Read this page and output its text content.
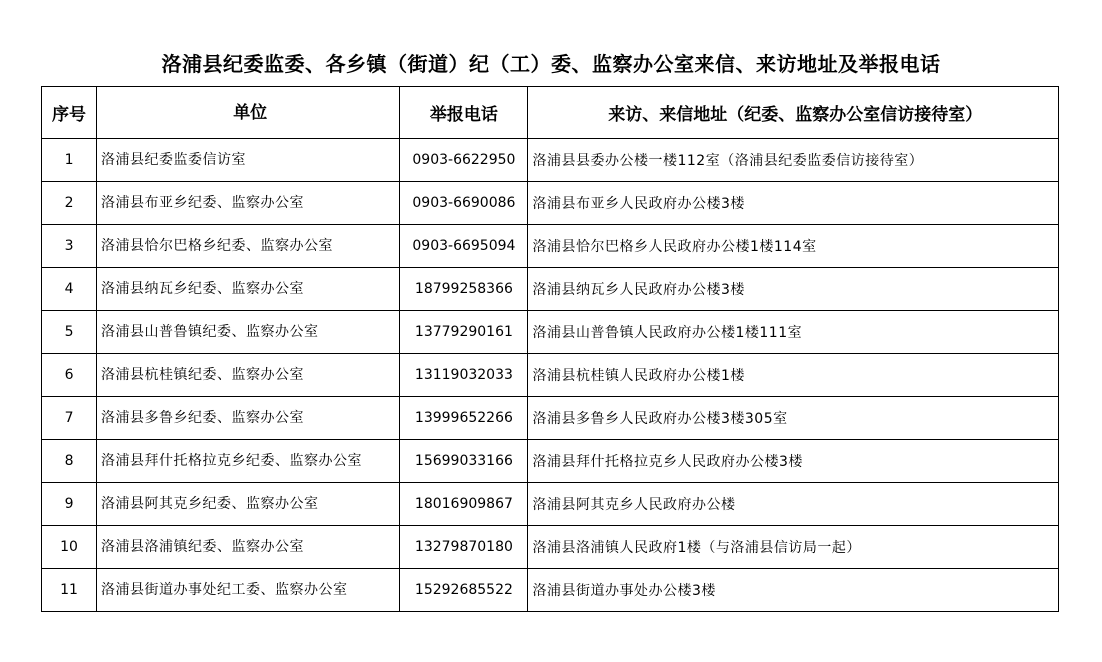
洛浦县纪委监委、各乡镇（街道）纪（工）委、监察办公室来信、来访地址及举报电话
序号	单位	举报电话	来访、来信地址（纪委、监察办公室信访接待室）
1	洛浦县纪委监委信访室	0903-6622950	洛浦县县委办公楼一楼112室（洛浦县纪委监委信访接待室）
2	洛浦县布亚乡纪委、监察办公室	0903-6690086	洛浦县布亚乡人民政府办公楼3楼
3	洛浦县恰尔巴格乡纪委、监察办公室	0903-6695094	洛浦县恰尔巴格乡人民政府办公楼1楼114室
4	洛浦县纳瓦乡纪委、监察办公室	18799258366	洛浦县纳瓦乡人民政府办公楼3楼
5	洛浦县山普鲁镇纪委、监察办公室	13779290161	洛浦县山普鲁镇人民政府办公楼1楼111室
6	洛浦县杭桂镇纪委、监察办公室	13119032033	洛浦县杭桂镇人民政府办公楼1楼
7	洛浦县多鲁乡纪委、监察办公室	13999652266	洛浦县多鲁乡人民政府办公楼3楼305室
8	洛浦县拜什托格拉克乡纪委、监察办公室	15699033166	洛浦县拜什托格拉克乡人民政府办公楼3楼
9	洛浦县阿其克乡纪委、监察办公室	18016909867	洛浦县阿其克乡人民政府办公楼
10	洛浦县洛浦镇纪委、监察办公室	13279870180	洛浦县洛浦镇人民政府1楼（与洛浦县信访局一起）
11	洛浦县街道办事处纪工委、监察办公室	15292685522	洛浦县街道办事处办公楼3楼
